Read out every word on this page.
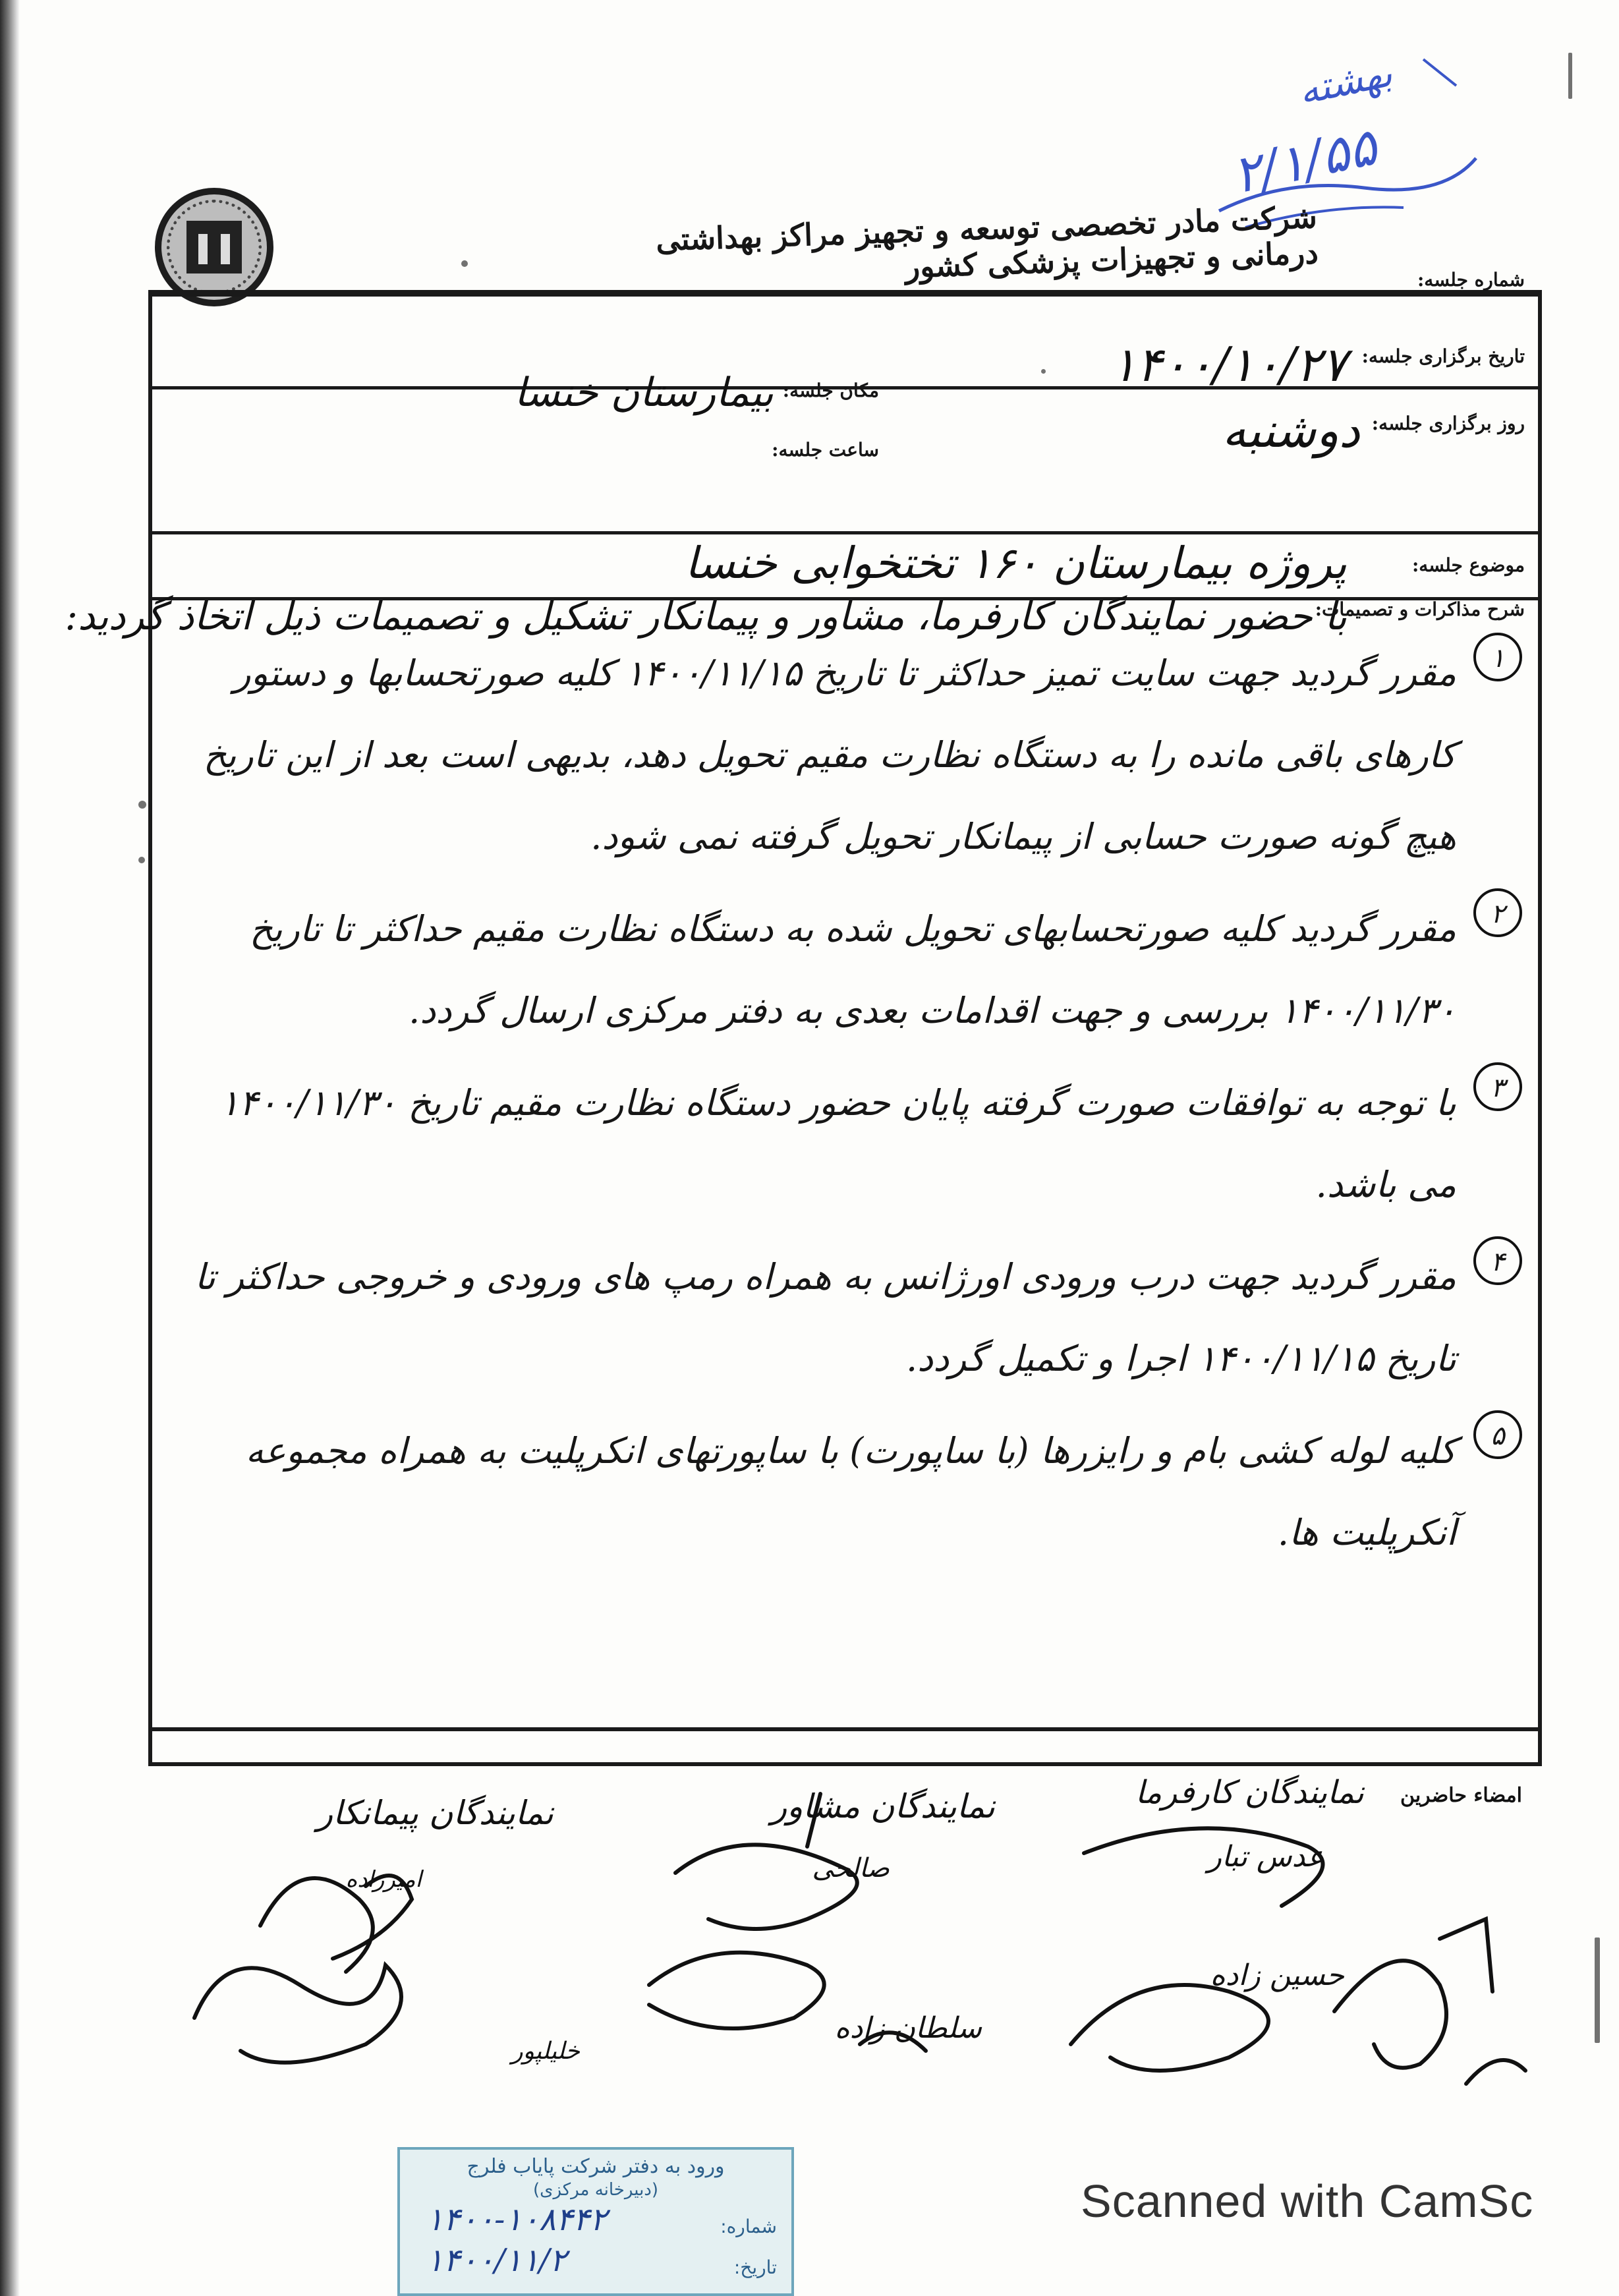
بهشته
۲/۱/۵۵
شرکت مادر تخصصی توسعه و تجهیز مراکز بهداشتی درمانی و تجهیزات پزشکی کشور	شماره جلسه:
تاریخ برگزاری جلسه:
روز برگزاری جلسه:
مکان جلسه:
ساعت جلسه:
موضوع جلسه:
شرح مذاکرات و تصمیمات:
۱۴۰۰/۱۰/۲۷
دوشنبه
بیمارستان خنسا
پروژه بیمارستان ۱۶۰ تختخوابی خنسا
با حضور نمایندگان کارفرما، مشاور و پیمانکار تشکیل و تصمیمات ذیل اتخاذ گردید:
۱
مقرر گردید جهت سایت تمیز حداکثر تا تاریخ ۱۴۰۰/۱۱/۱۵ کلیه صورتحسابها و دستور کارهای باقی مانده را به دستگاه نظارت مقیم تحویل دهد، بدیهی است بعد از این تاریخ هیچ گونه صورت حسابی از پیمانکار تحویل گرفته نمی شود.
۲
مقرر گردید کلیه صورتحسابهای تحویل شده به دستگاه نظارت مقیم حداکثر تا تاریخ ۱۴۰۰/۱۱/۳۰ بررسی و جهت اقدامات بعدی به دفتر مرکزی ارسال گردد.
۳
با توجه به توافقات صورت گرفته پایان حضور دستگاه نظارت مقیم تاریخ ۱۴۰۰/۱۱/۳۰ می باشد.
۴
مقرر گردید جهت درب ورودی اورژانس به همراه رمپ های ورودی و خروجی حداکثر تا تاریخ ۱۴۰۰/۱۱/۱۵ اجرا و تکمیل گردد.
۵
کلیه لوله کشی بام و رایزرها (با ساپورت) با ساپورتهای انکرپلیت به همراه مجموعه آنکرپلیت ها.
امضاء حاضرین
نمایندگان کارفرما
نمایندگان مشاور
نمایندگان پیمانکار
عدس تبار
حسین زاده
سلطان زاده
صالحی
امیرزاده
خلیلپور
ورود به دفتر شرکت پایاب فلرج
(دبیرخانه مرکزی)
شماره:
۱۴۰۰-۱۰۸۴۴۲
تاریخ:
۱۴۰۰/۱۱/۲
Scanned with CamSc
